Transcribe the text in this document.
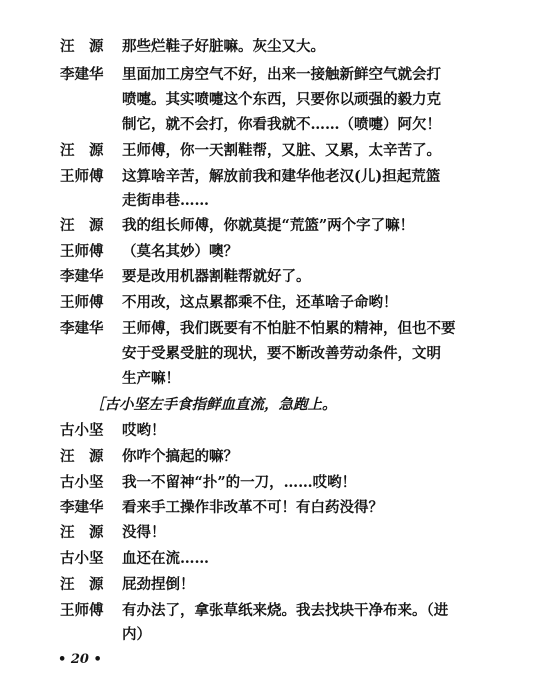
汪　源	那些烂鞋子好脏嘛。灰尘又大。
李建华	里面加工房空气不好，出来一接触新鲜空气就会打
喷嚏。其实喷嚏这个东西，只要你以顽强的毅力克
制它，就不会打，你看我就不……（喷嚏）阿欠！
汪　源	王师傅，你一天割鞋帮，又脏、又累，太辛苦了。
王师傅	这算啥辛苦，解放前我和建华他老汉(儿)担起荒篮
走街串巷……
汪　源	我的组长师傅，你就莫提“荒篮”两个字了嘛！
王师傅	（莫名其妙）噢？
李建华	要是改用机器割鞋帮就好了。
王师傅	不用改，这点累都乘不住，还革啥子命哟！
李建华	王师傅，我们既要有不怕脏不怕累的精神，但也不要
安于受累受脏的现状，要不断改善劳动条件，文明
生产嘛！
［古小坚左手食指鲜血直流，急跑上。
古小坚	哎哟！
汪　源	你咋个搞起的嘛？
古小坚	我一不留神“扑”的一刀，……哎哟！
李建华	看来手工操作非改革不可！有白药没得？
汪　源	没得！
古小坚	血还在流……
汪　源	屁劲捏倒！
王师傅	有办法了，拿张草纸来烧。我去找块干净布来。（进
内）
• 20 •
